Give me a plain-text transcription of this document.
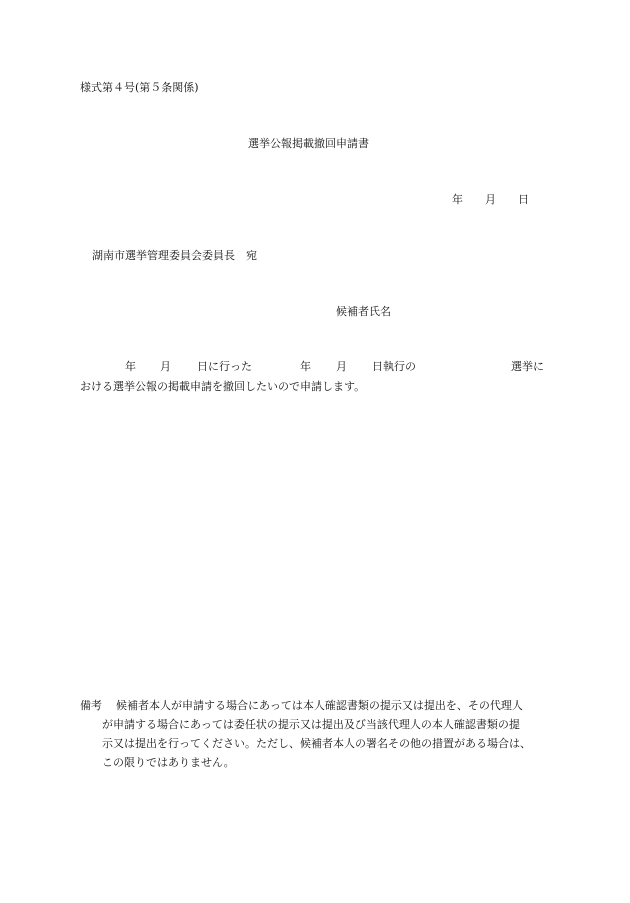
様式第４号(第５条関係)
選挙公報掲載撤回申請書
年 月 日
湖南市選挙管理委員会委員長　宛
候補者氏名
年 月 日に行った	年 月 日執行の	選挙に
おける選挙公報の掲載申請を撤回したいので申請します。
備考 候補者本人が申請する場合にあっては本人確認書類の提示又は提出を、その代理人
が申請する場合にあっては委任状の提示又は提出及び当該代理人の本人確認書類の提
示又は提出を行ってください。ただし、候補者本人の署名その他の措置がある場合は、
この限りではありません。
